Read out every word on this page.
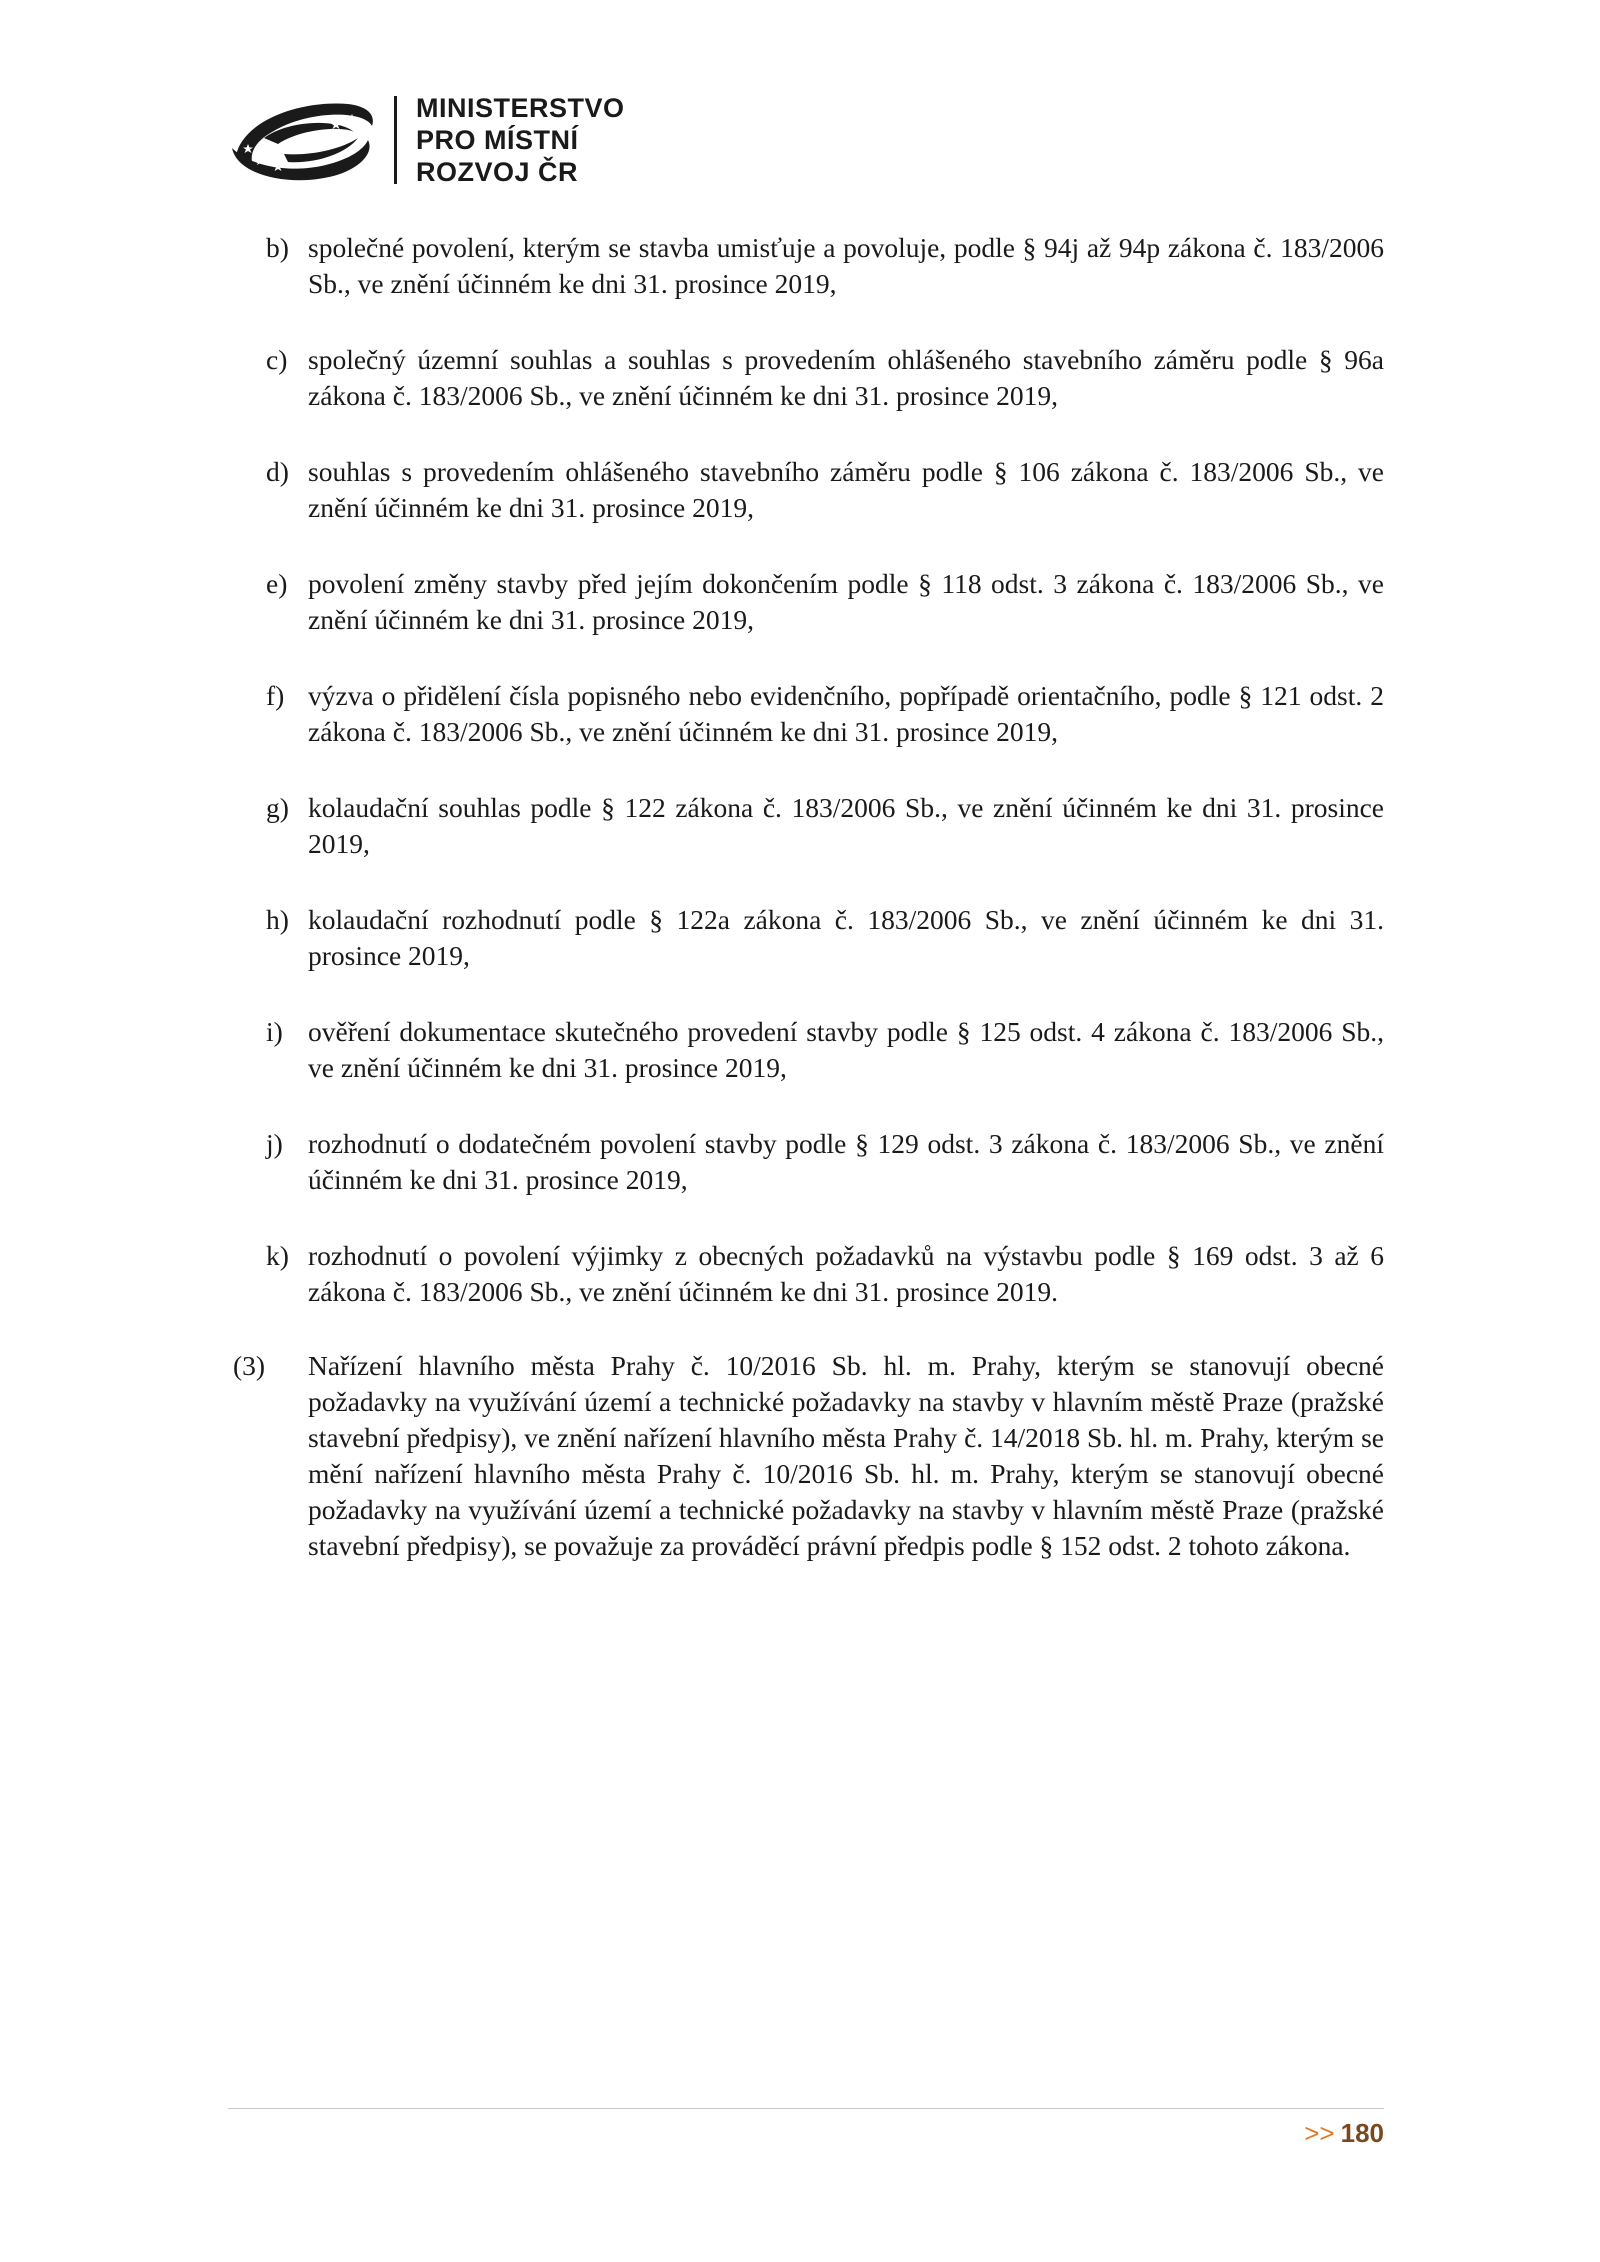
MINISTERSTVO
PRO MÍSTNÍ
ROZVOJ ČR
b) společné povolení, kterým se stavba umisťuje a povoluje, podle § 94j až 94p zákona č. 183/2006 Sb., ve znění účinném ke dni 31. prosince 2019,
c) společný územní souhlas a souhlas s provedením ohlášeného stavebního záměru podle § 96a zákona č. 183/2006 Sb., ve znění účinném ke dni 31. prosince 2019,
d) souhlas s provedením ohlášeného stavebního záměru podle § 106 zákona č. 183/2006 Sb., ve znění účinném ke dni 31. prosince 2019,
e) povolení změny stavby před jejím dokončením podle § 118 odst. 3 zákona č. 183/2006 Sb., ve znění účinném ke dni 31. prosince 2019,
f) výzva o přidělení čísla popisného nebo evidenčního, popřípadě orientačního, podle § 121 odst. 2 zákona č. 183/2006 Sb., ve znění účinném ke dni 31. prosince 2019,
g) kolaudační souhlas podle § 122 zákona č. 183/2006 Sb., ve znění účinném ke dni 31. prosince 2019,
h) kolaudační rozhodnutí podle § 122a zákona č. 183/2006 Sb., ve znění účinném ke dni 31. prosince 2019,
i) ověření dokumentace skutečného provedení stavby podle § 125 odst. 4 zákona č. 183/2006 Sb., ve znění účinném ke dni 31. prosince 2019,
j) rozhodnutí o dodatečném povolení stavby podle § 129 odst. 3 zákona č. 183/2006 Sb., ve znění účinném ke dni 31. prosince 2019,
k) rozhodnutí o povolení výjimky z obecných požadavků na výstavbu podle § 169 odst. 3 až 6 zákona č. 183/2006 Sb., ve znění účinném ke dni 31. prosince 2019.
(3) Nařízení hlavního města Prahy č. 10/2016 Sb. hl. m. Prahy, kterým se stanovují obecné požadavky na využívání území a technické požadavky na stavby v hlavním městě Praze (pražské stavební předpisy), ve znění nařízení hlavního města Prahy č. 14/2018 Sb. hl. m. Prahy, kterým se mění nařízení hlavního města Prahy č. 10/2016 Sb. hl. m. Prahy, kterým se stanovují obecné požadavky na využívání území a technické požadavky na stavby v hlavním městě Praze (pražské stavební předpisy), se považuje za prováděcí právní předpis podle § 152 odst. 2 tohoto zákona.
>> 180
